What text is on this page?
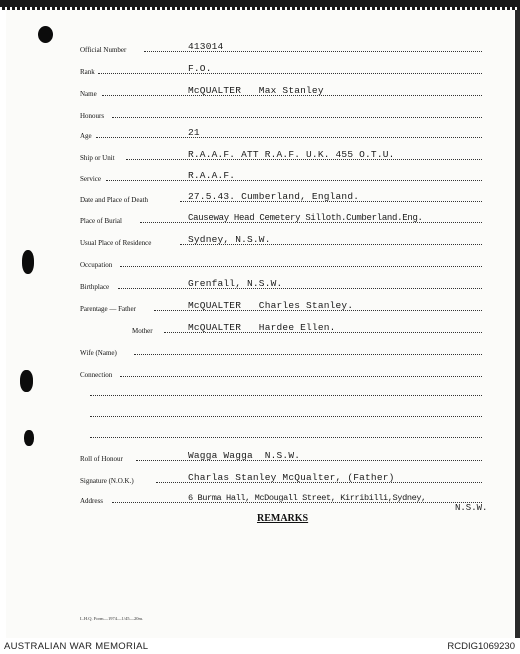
Official Number	413014
Rank	F.O.
Name	McQUALTER   Max Stanley
Honours
Age	21
Ship or Unit	R.A.A.F. ATT R.A.F. U.K. 455 O.T.U.
Service	R.A.A.F.
Date and Place of Death	27.5.43. Cumberland, England.
Place of Burial	Causeway Head Cemetery Silloth.Cumberland.Eng.
Usual Place of Residence	Sydney, N.S.W.
Occupation
Birthplace	Grenfall, N.S.W.
Parentage — Father	McQUALTER   Charles Stanley.
Mother	McQUALTER   Hardee Ellen.
Wife (Name)
Connection
Roll of Honour	Wagga Wagga  N.S.W.
Signature (N.O.K.)	Charlas Stanley McQualter, (Father)
Address	6 Burma Hall, McDougall Street, Kirribilli,Sydney,
N.S.W.
REMARKS
L.H.Q. Form—1974—1/45—20m.
AUSTRALIAN WAR MEMORIAL	RCDIG1069230
